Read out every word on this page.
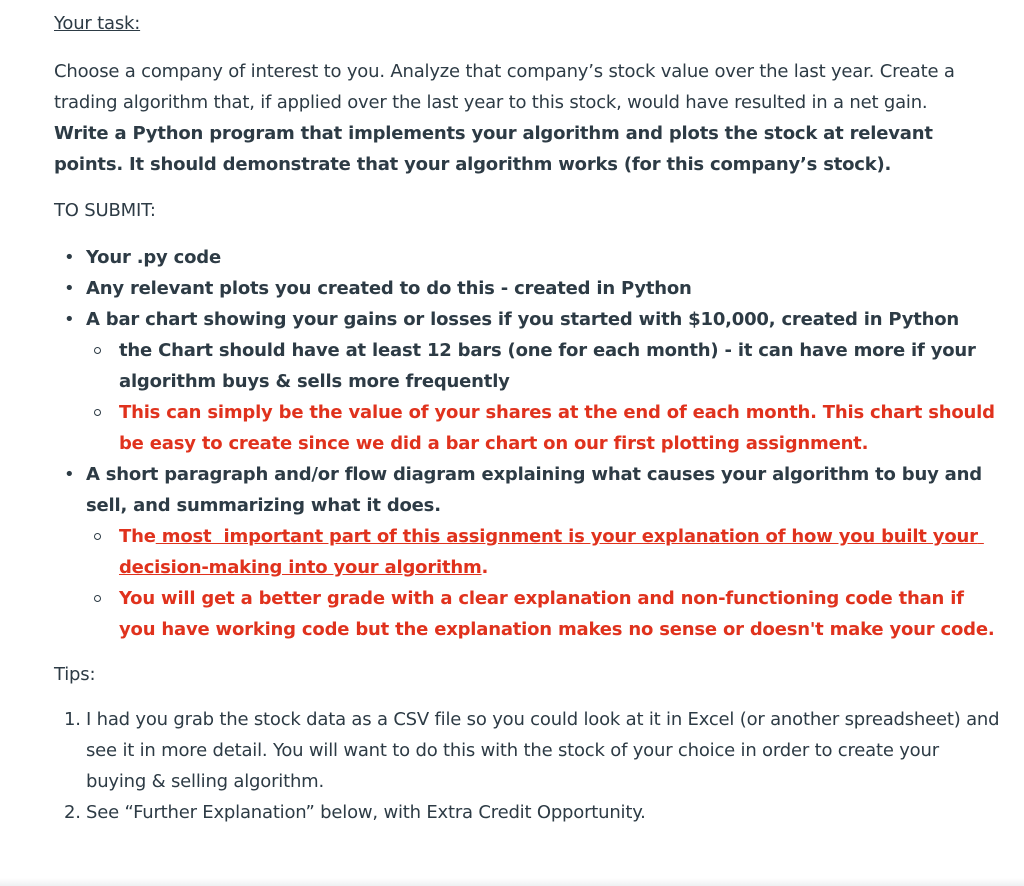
Your task:

Choose a company of interest to you. Analyze that company’s stock value over the last year. Create a trading algorithm that, if applied over the last year to this stock, would have resulted in a net gain.
Write a Python program that implements your algorithm and plots the stock at relevant points. It should demonstrate that your algorithm works (for this company’s stock).

TO SUBMIT:

• Your .py code
• Any relevant plots you created to do this - created in Python
• A bar chart showing your gains or losses if you started with $10,000, created in Python
the Chart should have at least 12 bars (one for each month) - it can have more if your algorithm buys & sells more frequently
This can simply be the value of your shares at the end of each month. This chart should be easy to create since we did a bar chart on our first plotting assignment.
• A short paragraph and/or flow diagram explaining what causes your algorithm to buy and sell, and summarizing what it does.
The most  important part of this assignment is your explanation of how you built your decision-making into your algorithm.
You will get a better grade with a clear explanation and non-functioning code than if you have working code but the explanation makes no sense or doesn't make your code.

Tips:

I had you grab the stock data as a CSV file so you could look at it in Excel (or another spreadsheet) and see it in more detail. You will want to do this with the stock of your choice in order to create your buying & selling algorithm.
See “Further Explanation” below, with Extra Credit Opportunity.
